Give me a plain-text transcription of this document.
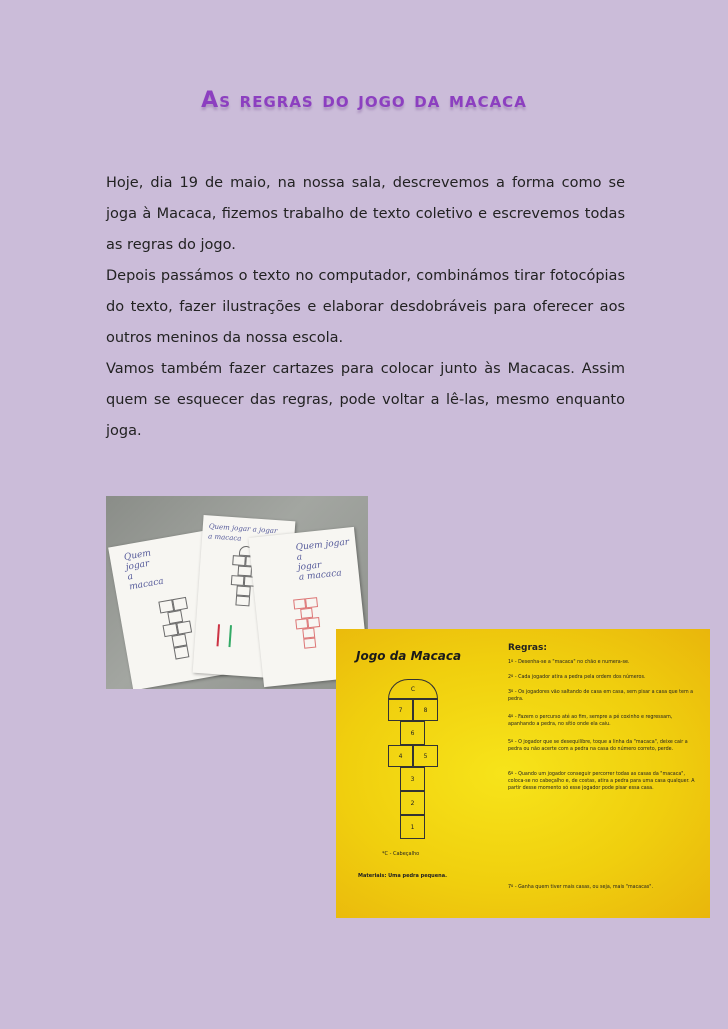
As regras do jogo da macaca

Hoje, dia 19 de maio, na nossa sala, descrevemos a forma como se joga à Macaca, fizemos trabalho de texto coletivo e escrevemos todas as regras do jogo.

Depois passámos o texto no computador, combinámos tirar fotocópias do texto, fazer ilustrações e elaborar desdobráveis para oferecer aos outros meninos da nossa escola.

Vamos também fazer cartazes para colocar junto às Macacas. Assim quem se esquecer das regras, pode voltar a lê-las, mesmo enquanto joga.

Quem
jogar
a
macaca
Quem jogar a jogar
a macaca	Quem jogar
a
jogar
a macaca
Jogo da Macaca
C
7	8
6
4	5
3
2
1
*C - Cabeçalho
Materiais: Uma pedra pequena.
Regras:
1º - Desenha-se a "macaca" no chão e numera-se.
2º - Cada jogador atira a pedra pela ordem dos números.
3º - Os jogadores vão saltando de casa em casa, sem pisar a casa que tem a pedra.
4º - Fazem o percurso até ao fim, sempre a pé coxinho e regressam, apanhando a pedra, no sítio onde ela caiu.
5º - O jogador que se desequilibre, toque a linha da "macaca", deixe cair a pedra ou não acerte com a pedra na casa do número correto, perde.
6º - Quando um jogador conseguir percorrer todas as casas da "macaca", coloca-se no cabeçalho e, de costas, atira a pedra para uma casa qualquer. A partir desse momento só esse jogador pode pisar essa casa.
7º - Ganha quem tiver mais casas, ou seja, mais "macacas".
